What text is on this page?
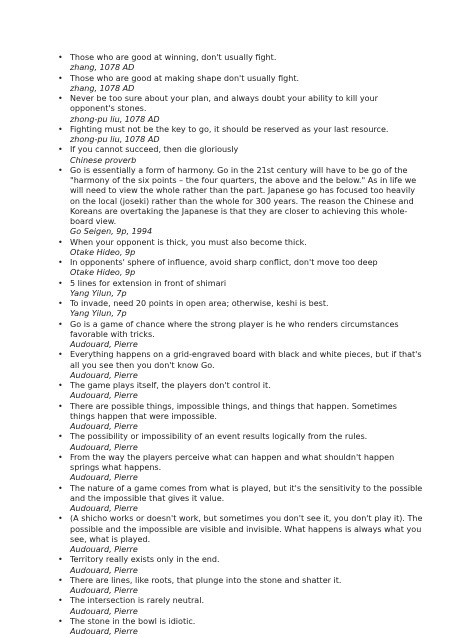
• Those who are good at winning, don't usually fight.
zhang, 1078 AD
• Those who are good at making shape don't usually fight.
zhang, 1078 AD
• Never be too sure about your plan, and always doubt your ability to kill your opponent's stones.
zhong-pu liu, 1078 AD
• Fighting must not be the key to go, it should be reserved as your last resource.
zhong-pu liu, 1078 AD
• If you cannot succeed, then die gloriously
Chinese proverb
• Go is essentially a form of harmony. Go in the 21st century will have to be go of the "harmony of the six points – the four quarters, the above and the below." As in life we will need to view the whole rather than the part. Japanese go has focused too heavily on the local (joseki) rather than the whole for 300 years. The reason the Chinese and Koreans are overtaking the Japanese is that they are closer to achieving this whole-board view.
Go Seigen, 9p, 1994
• When your opponent is thick, you must also become thick.
Otake Hideo, 9p
• In opponents' sphere of influence, avoid sharp conflict, don't move too deep
Otake Hideo, 9p
• 5 lines for extension in front of shimari
Yang Yilun, 7p
• To invade, need 20 points in open area; otherwise, keshi is best.
Yang Yilun, 7p
• Go is a game of chance where the strong player is he who renders circumstances favorable with tricks.
Audouard, Pierre
• Everything happens on a grid-engraved board with black and white pieces, but if that's all you see then you don't know Go.
Audouard, Pierre
• The game plays itself, the players don't control it.
Audouard, Pierre
• There are possible things, impossible things, and things that happen. Sometimes things happen that were impossible.
Audouard, Pierre
• The possibility or impossibility of an event results logically from the rules.
Audouard, Pierre
• From the way the players perceive what can happen and what shouldn't happen springs what happens.
Audouard, Pierre
• The nature of a game comes from what is played, but it's the sensitivity to the possible and the impossible that gives it value.
Audouard, Pierre
• (A shicho works or doesn't work, but sometimes you don't see it, you don't play it). The possible and the impossible are visible and invisible. What happens is always what you see, what is played.
Audouard, Pierre
• Territory really exists only in the end.
Audouard, Pierre
• There are lines, like roots, that plunge into the stone and shatter it.
Audouard, Pierre
• The intersection is rarely neutral.
Audouard, Pierre
• The stone in the bowl is idiotic.
Audouard, Pierre
